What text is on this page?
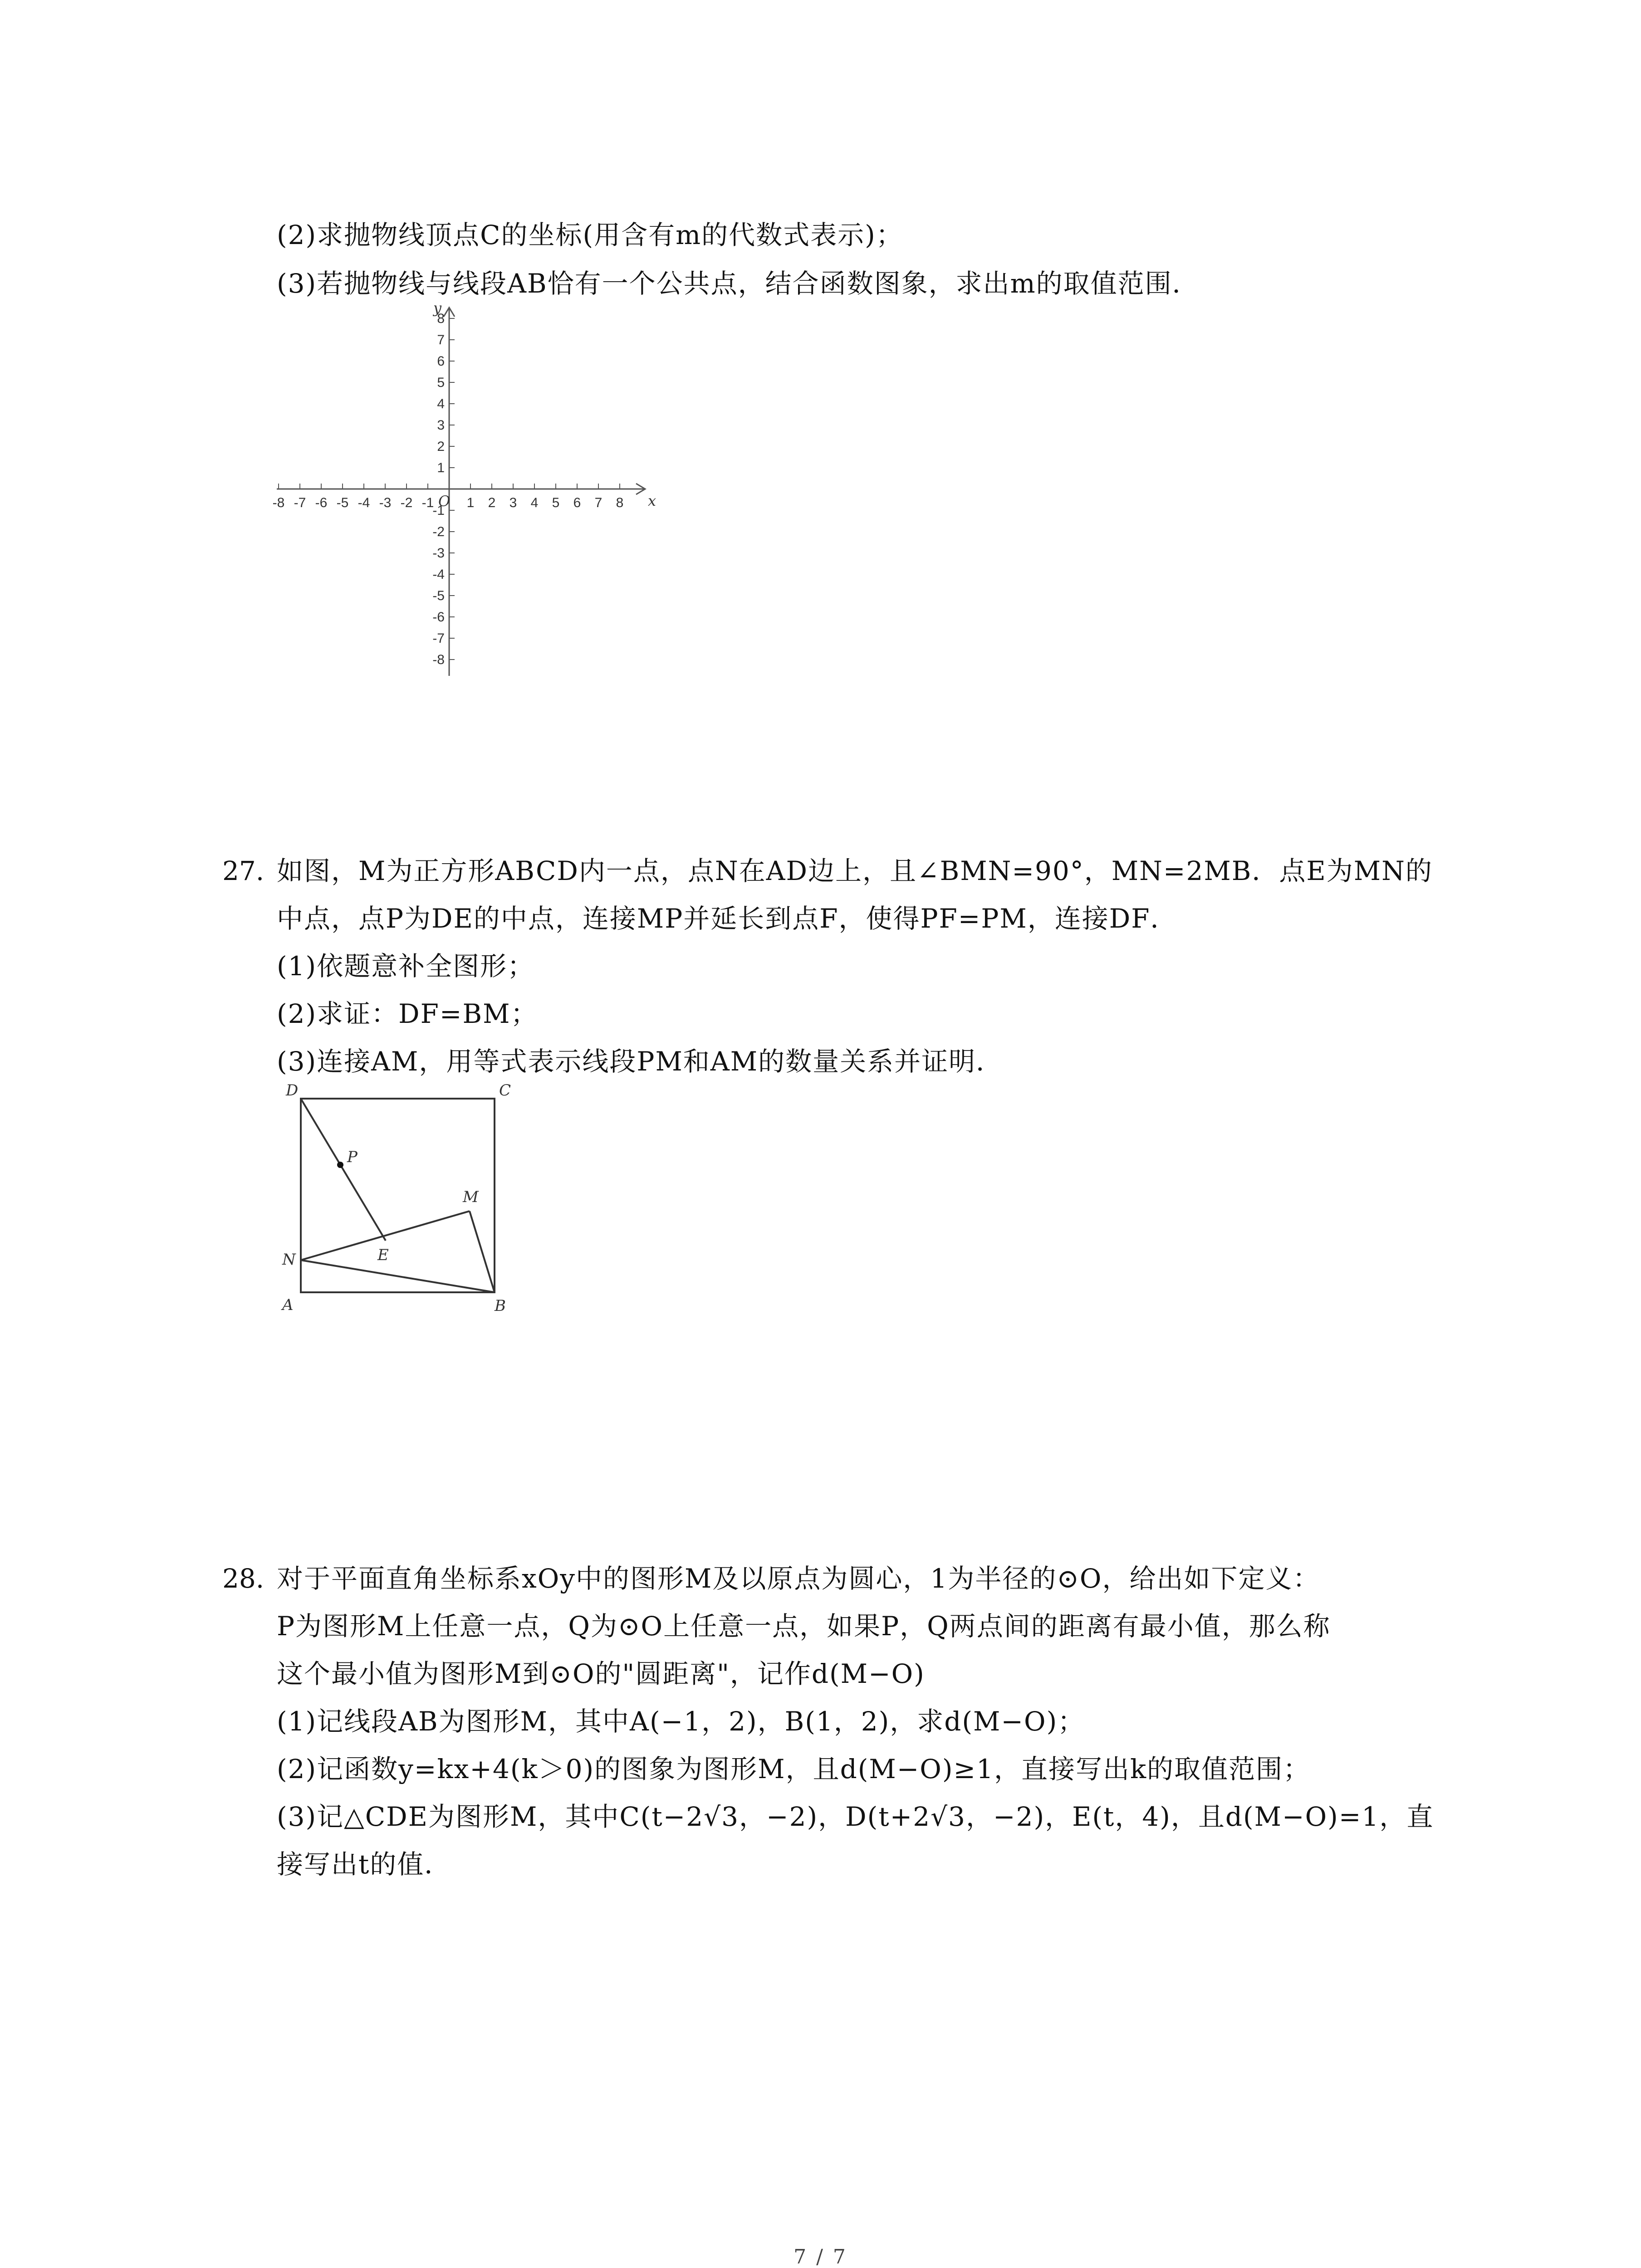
(2)求抛物线顶点C的坐标(用含有m的代数式表示)；
(3)若抛物线与线段AB恰有一个公共点，结合函数图象，求出m的取值范围．
-8 -7 -6 -5 -4 -3 -2 -1 1 2 3 4 5 6 7 8
8
7
6
5
4
3
2
1
-1
-2
-3
-4
-5
-6
-7
-8
x
y
O
27. 如图，M为正方形ABCD内一点，点N在AD边上，且∠BMN=90°，MN=2MB．点E为MN的
中点，点P为DE的中点，连接MP并延长到点F，使得PF=PM，连接DF．
(1)依题意补全图形；
(2)求证：DF=BM；
(3)连接AM，用等式表示线段PM和AM的数量关系并证明．
D	C
P
M
E
N
A	B
28. 对于平面直角坐标系xOy中的图形M及以原点为圆心，1为半径的⊙O，给出如下定义：
P为图形M上任意一点，Q为⊙O上任意一点，如果P，Q两点间的距离有最小值，那么称
这个最小值为图形M到⊙O的"圆距离"，记作d(M−O)
(1)记线段AB为图形M，其中A(−1，2)，B(1，2)，求d(M−O)；
(2)记函数y=kx+4(k＞0)的图象为图形M，且d(M−O)≥1，直接写出k的取值范围；
(3)记△CDE为图形M，其中C(t−2√3，−2)，D(t+2√3，−2)，E(t，4)，且d(M−O)=1，直
接写出t的值．
7 / 7
